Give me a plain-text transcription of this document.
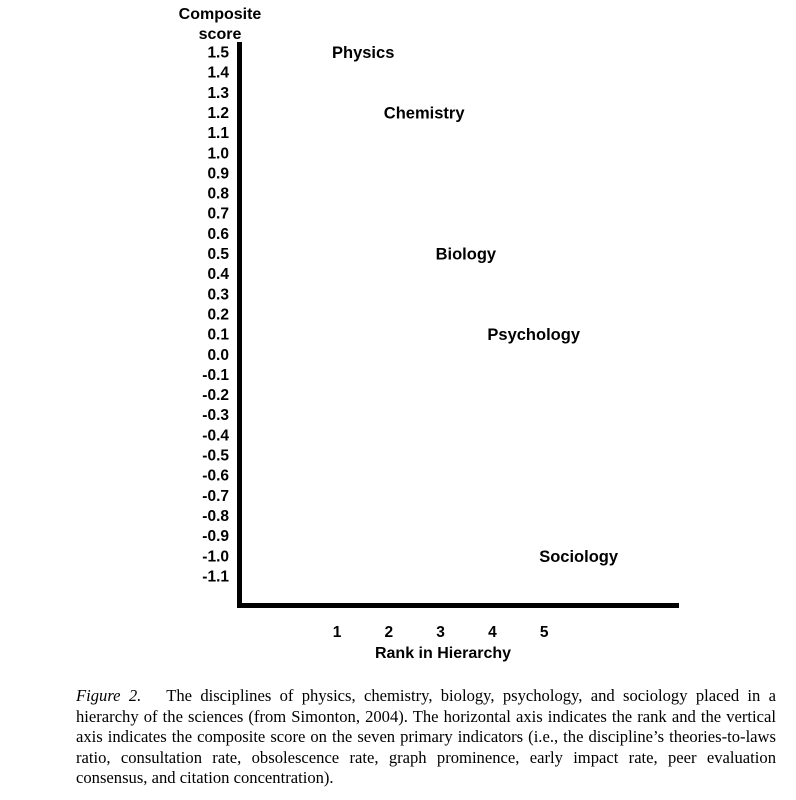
Composite
score
1.5
1.4
1.3
1.2
1.1
1.0
0.9
0.8
0.7
0.6
0.5
0.4
0.3
0.2
0.1
0.0
-0.1
-0.2
-0.3
-0.4
-0.5
-0.6
-0.7
-0.8
-0.9
-1.0
-1.1
1	2	3	4	5
Rank in Hierarchy
Physics
Chemistry
Biology
Psychology
Sociology

Figure 2. The disciplines of physics, chemistry, biology, psychology, and sociology placed in a hierarchy of the sciences (from Simonton, 2004). The horizontal axis indicates the rank and the vertical axis indicates the composite score on the seven primary indicators (i.e., the discipline’s theories-to-laws ratio, consultation rate, obsolescence rate, graph prominence, early impact rate, peer evaluation consensus, and citation concentration).
